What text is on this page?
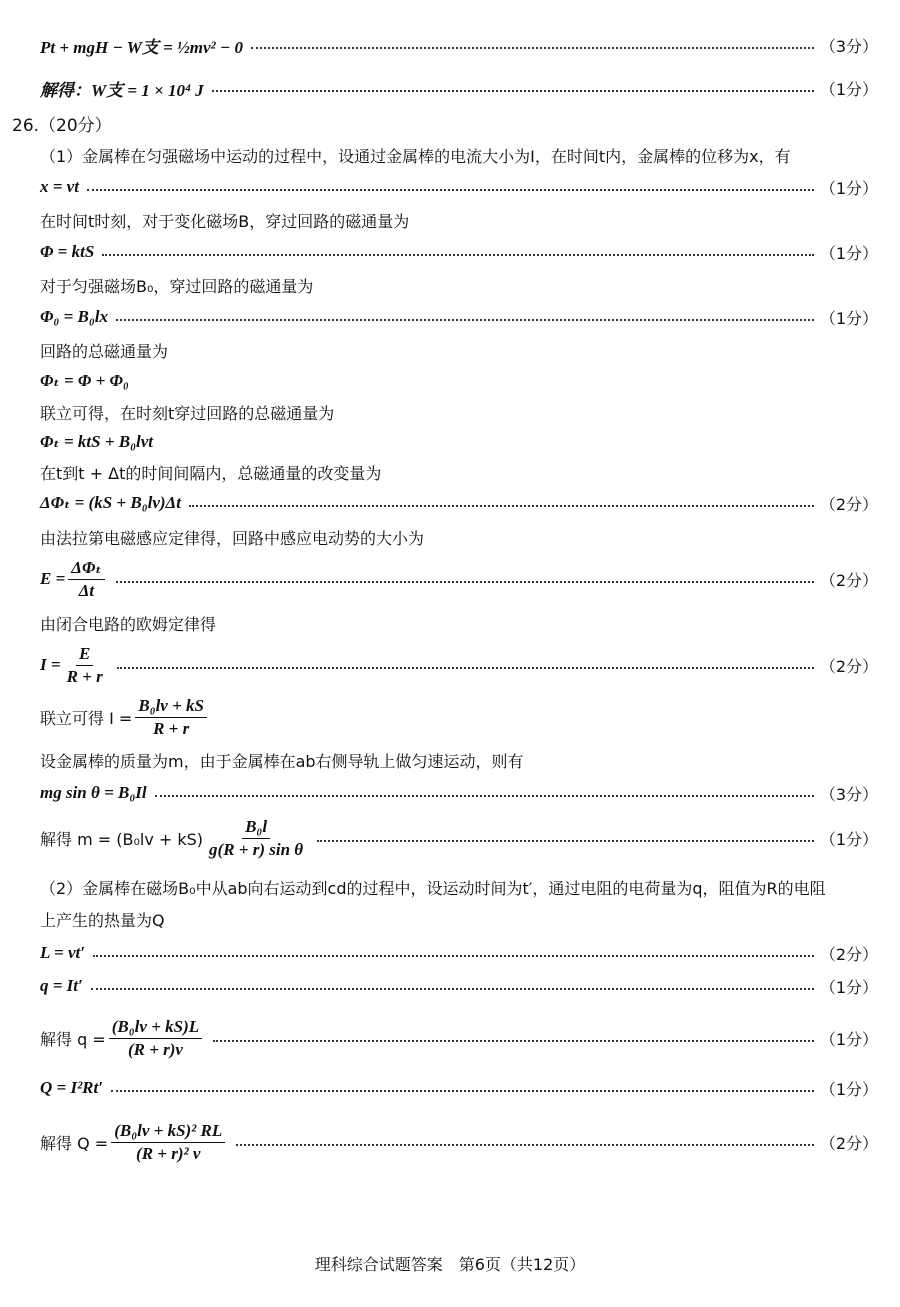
Pt + mgH − W支 = ½mv² − 0	（3分）
解得：W支 = 1 × 10⁴ J	（1分）
26.（20分）
（1）金属棒在匀强磁场中运动的过程中，设通过金属棒的电流大小为I，在时间t内，金属棒的位移为x，有
x = vt	（1分）
在时间t时刻，对于变化磁场B，穿过回路的磁通量为
Φ = ktS	（1分）
对于匀强磁场B₀，穿过回路的磁通量为
Φ₀ = B₀lx	（1分）
回路的总磁通量为
Φₜ = Φ + Φ₀
联立可得，在时刻t穿过回路的总磁通量为
Φₜ = ktS + B₀lvt
在t到t + Δt的时间间隔内，总磁通量的改变量为
ΔΦₜ = (kS + B₀lv)Δt	（2分）
由法拉第电磁感应定律得，回路中感应电动势的大小为
$E = \frac{\text{ΔΦₜ}}{\Delta t}$	（2分）
由闭合电路的欧姆定律得
$I = \frac{E}{R + r}$	（2分）
联立可得 $I = \frac{\text{B₀lv + kS}}{R + r}$
设金属棒的质量为m，由于金属棒在ab右侧导轨上做匀速运动，则有
mg sin θ = B₀Il	（3分）
解得 $m = (B_0lv + kS) \frac{\text{B₀l}}{\text{g(R + r) sin θ}}$	（1分）
（2）金属棒在磁场B₀中从ab向右运动到cd的过程中，设运动时间为t′，通过电阻的电荷量为q，阻值为R的电阻
上产生的热量为Q
L = vt′	（2分）
q = It′	（1分）
解得 $q = \frac{\text{(B₀lv + kS)L}}{(R + r)v}$	（1分）
Q = I²Rt′	（1分）
解得 $Q = \frac{\text{(B₀lv + kS)² RL}}{\text{(R + r)² v}}$	（2分）
理科综合试题答案　第6页（共12页）
